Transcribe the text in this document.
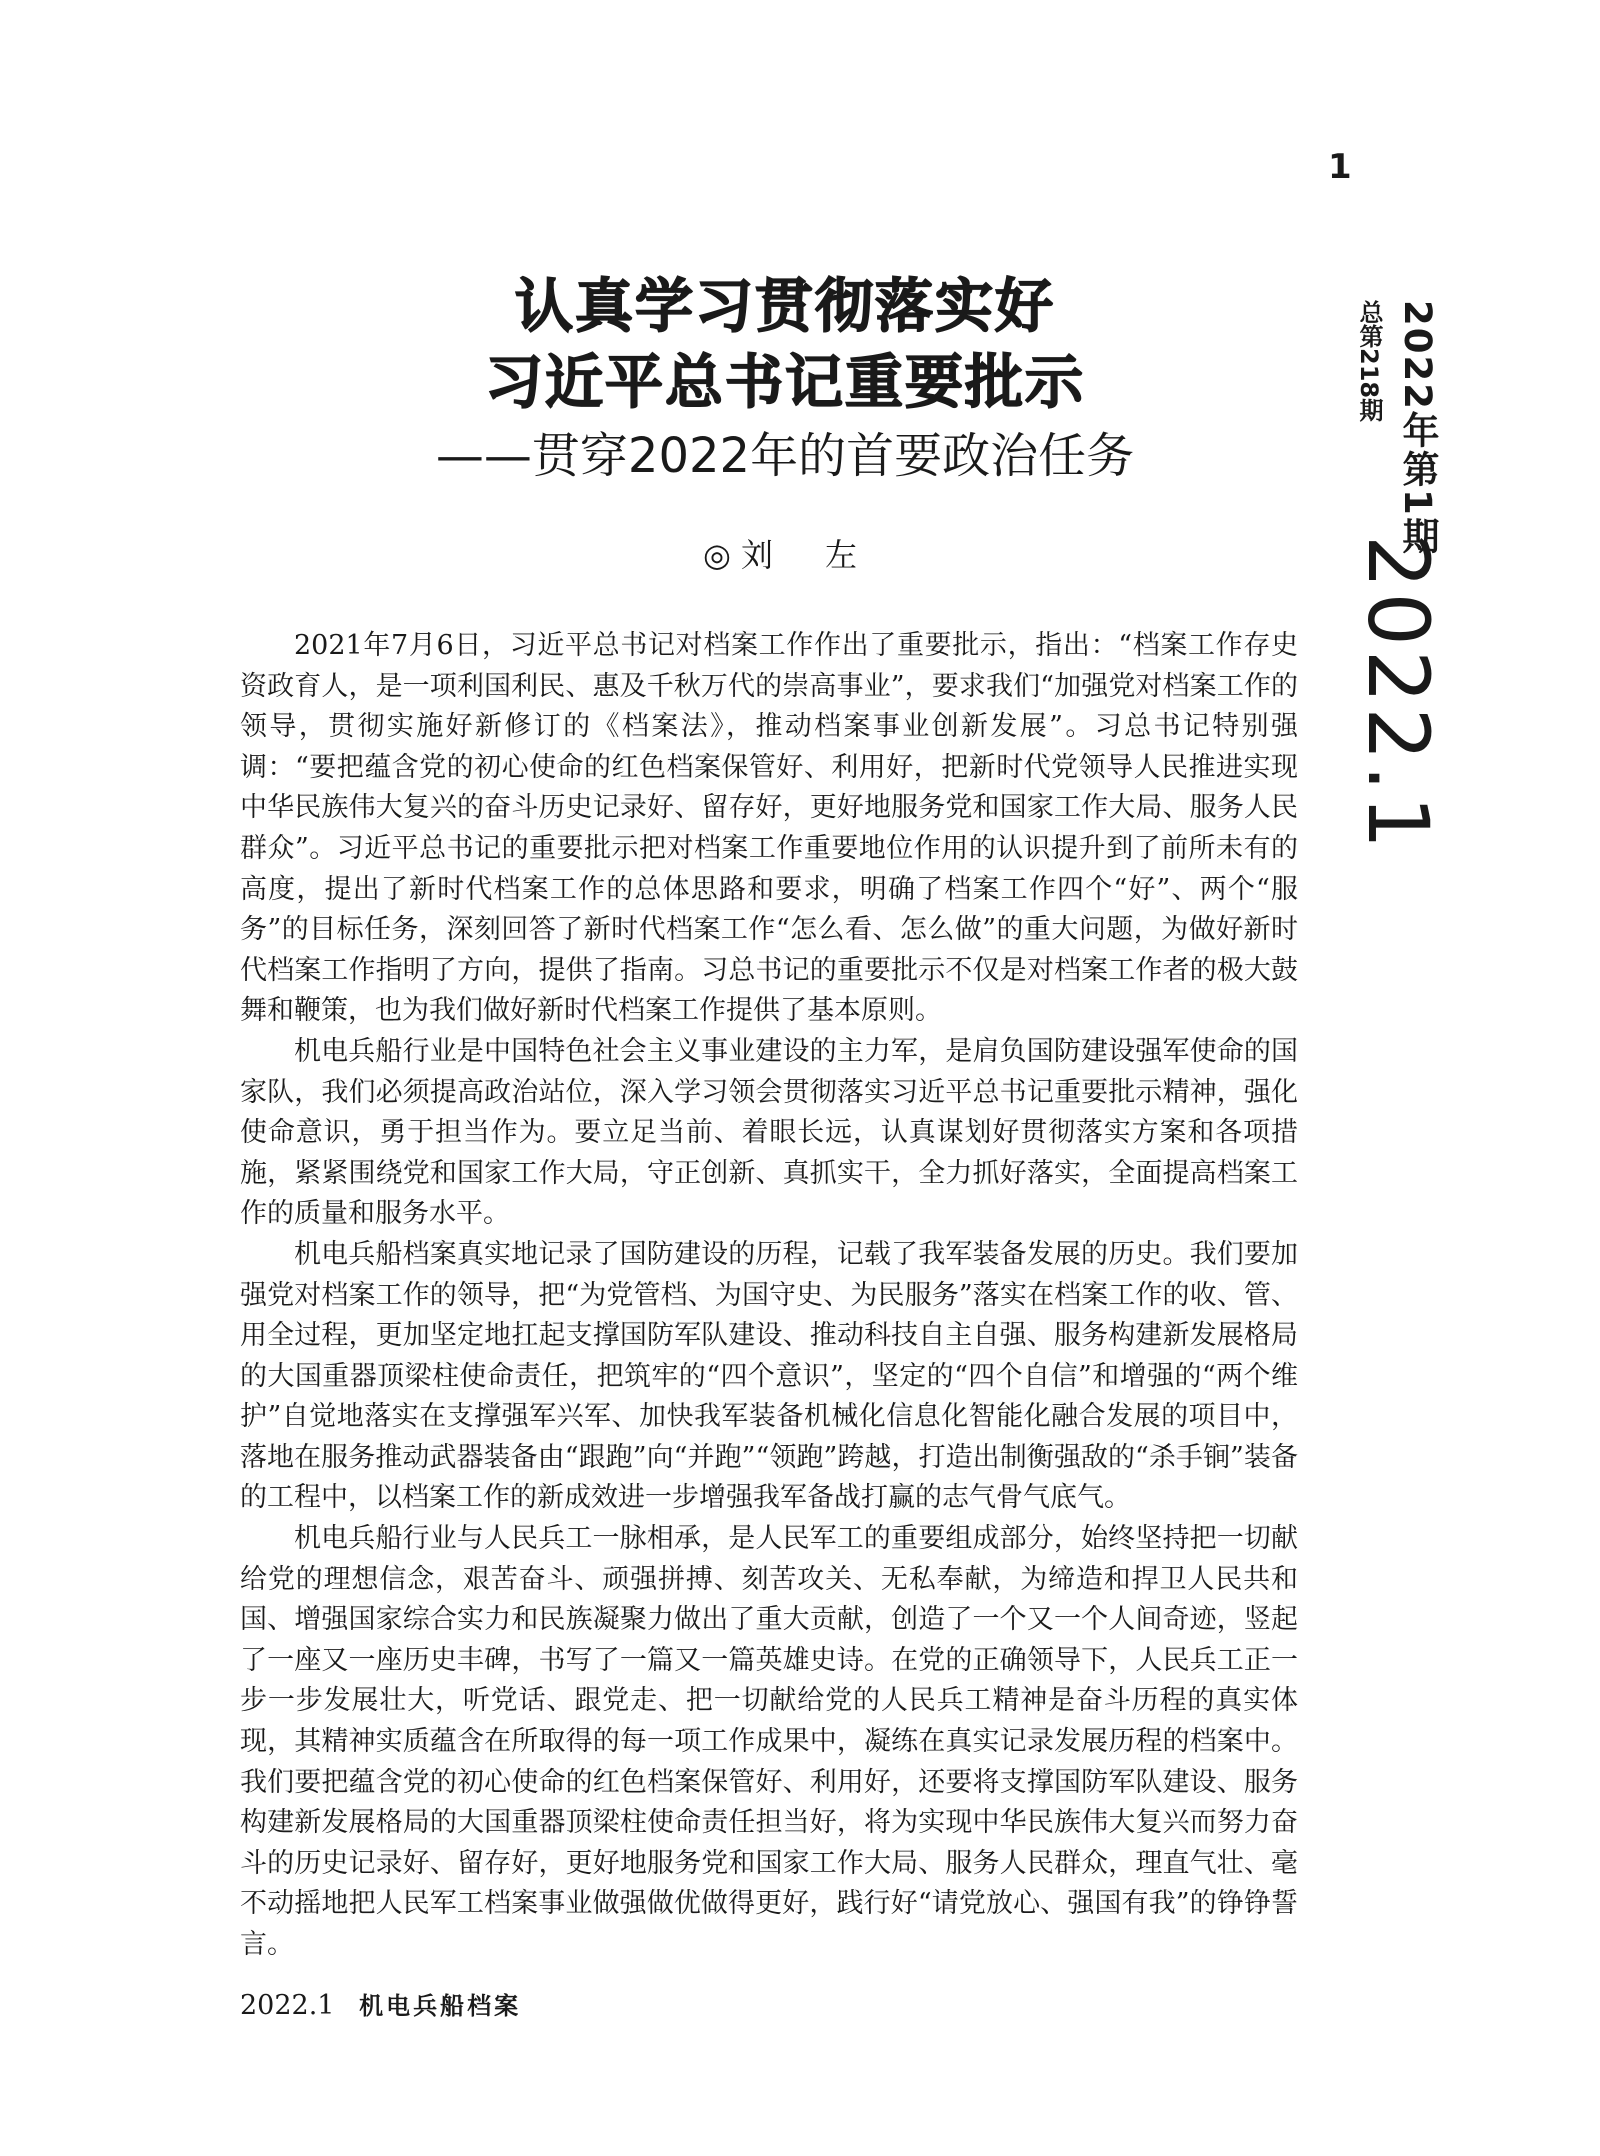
1
2022年第1期
总第218期
2022.1
认真学习贯彻落实好
习近平总书记重要批示
——贯穿2022年的首要政治任务
◎刘　左

2021年7月6日，习近平总书记对档案工作作出了重要批示，指出：“档案工作存史资政育人，是一项利国利民、惠及千秋万代的崇高事业”，要求我们“加强党对档案工作的领导，贯彻实施好新修订的《档案法》，推动档案事业创新发展”。习总书记特别强调：“要把蕴含党的初心使命的红色档案保管好、利用好，把新时代党领导人民推进实现中华民族伟大复兴的奋斗历史记录好、留存好，更好地服务党和国家工作大局、服务人民群众”。习近平总书记的重要批示把对档案工作重要地位作用的认识提升到了前所未有的高度，提出了新时代档案工作的总体思路和要求，明确了档案工作四个“好”、两个“服务”的目标任务，深刻回答了新时代档案工作“怎么看、怎么做”的重大问题，为做好新时代档案工作指明了方向，提供了指南。习总书记的重要批示不仅是对档案工作者的极大鼓舞和鞭策，也为我们做好新时代档案工作提供了基本原则。

机电兵船行业是中国特色社会主义事业建设的主力军，是肩负国防建设强军使命的国家队，我们必须提高政治站位，深入学习领会贯彻落实习近平总书记重要批示精神，强化使命意识，勇于担当作为。要立足当前、着眼长远，认真谋划好贯彻落实方案和各项措施，紧紧围绕党和国家工作大局，守正创新、真抓实干，全力抓好落实，全面提高档案工作的质量和服务水平。

机电兵船档案真实地记录了国防建设的历程，记载了我军装备发展的历史。我们要加强党对档案工作的领导，把“为党管档、为国守史、为民服务”落实在档案工作的收、管、用全过程，更加坚定地扛起支撑国防军队建设、推动科技自主自强、服务构建新发展格局的大国重器顶梁柱使命责任，把筑牢的“四个意识”，坚定的“四个自信”和增强的“两个维护”自觉地落实在支撑强军兴军、加快我军装备机械化信息化智能化融合发展的项目中，落地在服务推动武器装备由“跟跑”向“并跑”“领跑”跨越，打造出制衡强敌的“杀手锏”装备的工程中，以档案工作的新成效进一步增强我军备战打赢的志气骨气底气。

机电兵船行业与人民兵工一脉相承，是人民军工的重要组成部分，始终坚持把一切献给党的理想信念，艰苦奋斗、顽强拼搏、刻苦攻关、无私奉献，为缔造和捍卫人民共和国、增强国家综合实力和民族凝聚力做出了重大贡献，创造了一个又一个人间奇迹，竖起了一座又一座历史丰碑，书写了一篇又一篇英雄史诗。在党的正确领导下，人民兵工正一步一步发展壮大，听党话、跟党走、把一切献给党的人民兵工精神是奋斗历程的真实体现，其精神实质蕴含在所取得的每一项工作成果中，凝练在真实记录发展历程的档案中。我们要把蕴含党的初心使命的红色档案保管好、利用好，还要将支撑国防军队建设、服务构建新发展格局的大国重器顶梁柱使命责任担当好，将为实现中华民族伟大复兴而努力奋斗的历史记录好、留存好，更好地服务党和国家工作大局、服务人民群众，理直气壮、毫不动摇地把人民军工档案事业做强做优做得更好，践行好“请党放心、强国有我”的铮铮誓言。

2022.1 机电兵船档案
